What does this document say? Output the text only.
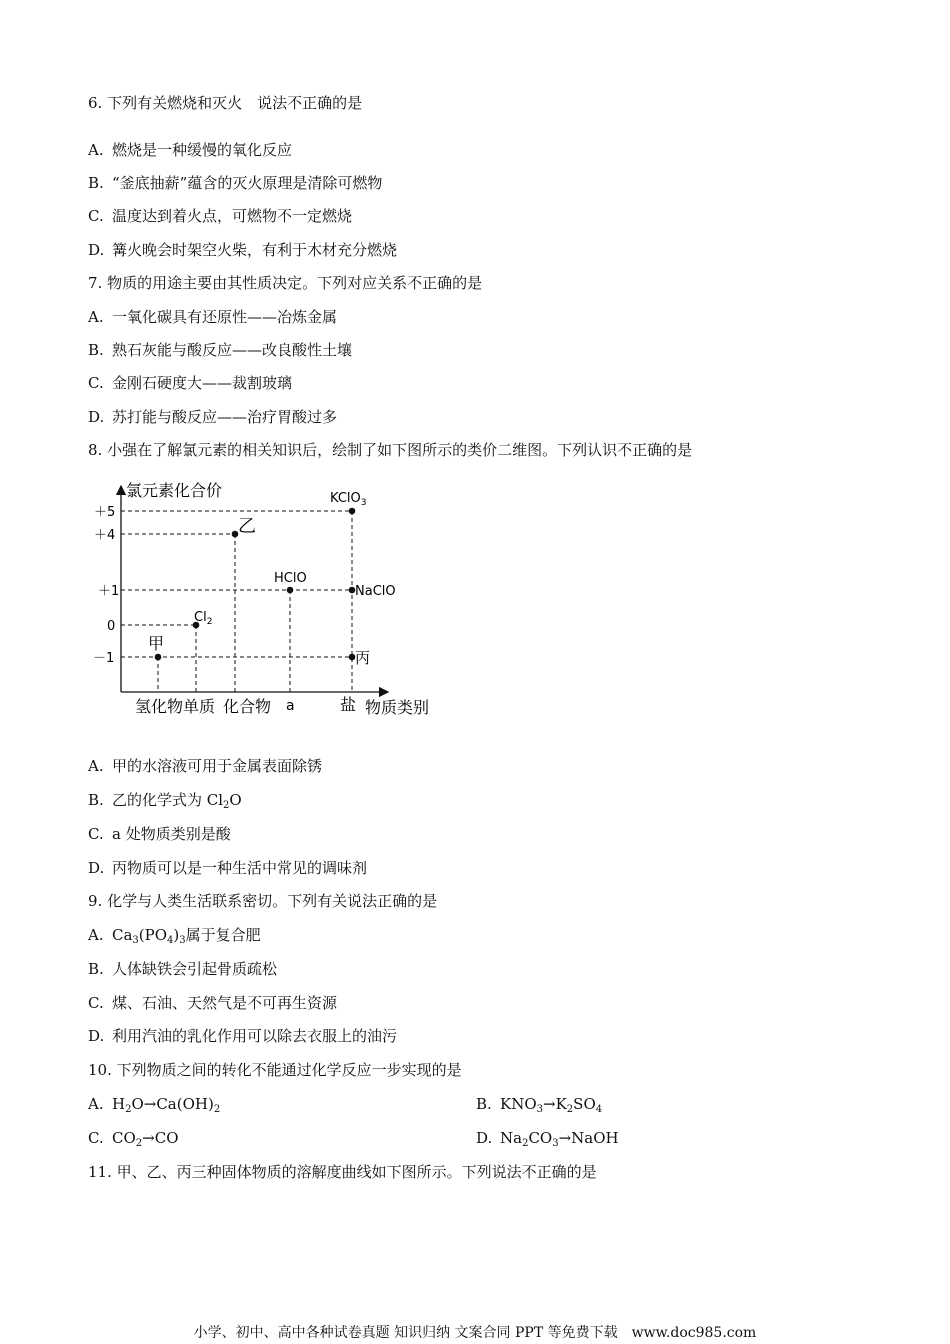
6. 下列有关燃烧和灭火　说法不正确的是
A. 燃烧是一种缓慢的氧化反应
B. “釜底抽薪”蕴含的灭火原理是清除可燃物
C. 温度达到着火点，可燃物不一定燃烧
D. 篝火晚会时架空火柴，有利于木材充分燃烧
7. 物质的用途主要由其性质决定。下列对应关系不正确的是
A. 一氧化碳具有还原性——冶炼金属
B. 熟石灰能与酸反应——改良酸性土壤
C. 金刚石硬度大——裁割玻璃
D. 苏打能与酸反应——治疗胃酸过多
8. 小强在了解氯元素的相关知识后，绘制了如下图所示的类价二维图。下列认识不正确的是
氯元素化合价
＋5
＋4
＋1
0
－1
甲
$Cl_2$
乙
HClO
KClO$_3$
NaClO
丙
氢化物 单质 化合物 a	盐 物质类别
A. 甲的水溶液可用于金属表面除锈
B. 乙的化学式为 $Cl_2O$
C. a 处物质类别是酸
D. 丙物质可以是一种生活中常见的调味剂
9. 化学与人类生活联系密切。下列有关说法正确的是
A. $Ca_3(PO_4)_3$属于复合肥
B. 人体缺铁会引起骨质疏松
C. 煤、石油、天然气是不可再生资源
D. 利用汽油的乳化作用可以除去衣服上的油污
10. 下列物质之间的转化不能通过化学反应一步实现的是
A. $H_2O\to Ca(OH)_2$	B. $KNO_3\to K_2SO_4$
C. $CO_2\to CO$	D. $Na_2CO_3\to NaOH$
11. 甲、乙、丙三种固体物质的溶解度曲线如下图所示。下列说法不正确的是
小学、初中、高中各种试卷真题 知识归纳 文案合同 PPT 等免费下载　www.doc985.com
